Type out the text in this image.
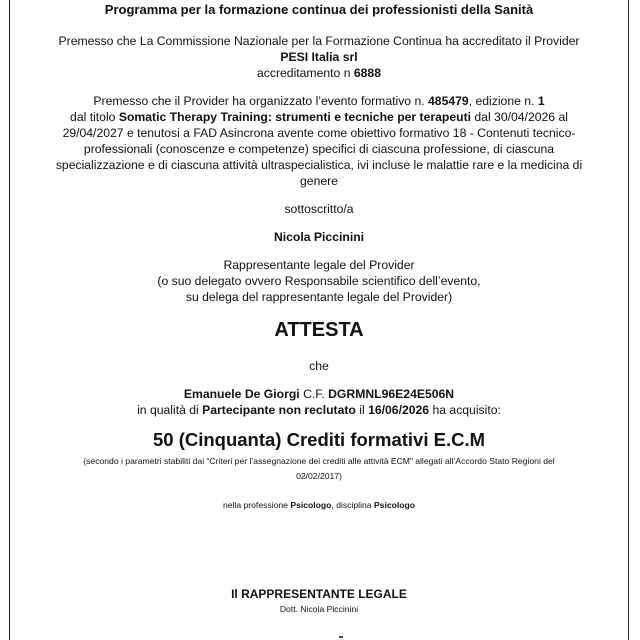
Programma per la formazione continua dei professionisti della Sanità
Premesso che La Commissione Nazionale per la Formazione Continua ha accreditato il Provider
PESI Italia srl
accreditamento n 6888
Premesso che il Provider ha organizzato l’evento formativo n. 485479, edizione n. 1
dal titolo Somatic Therapy Training: strumenti e tecniche per terapeuti dal 30/04/2026 al
29/04/2027 e tenutosi a FAD Asincrona avente come obiettivo formativo 18 - Contenuti tecnico-
professionali (conoscenze e competenze) specifici di ciascuna professione, di ciascuna
specializzazione e di ciascuna attività ultraspecialistica, ivi incluse le malattie rare e la medicina di
genere
sottoscritto/a
Nicola Piccinini
Rappresentante legale del Provider
(o suo delegato ovvero Responsabile scientifico dell’evento,
su delega del rappresentante legale del Provider)
ATTESTA
che
Emanuele De Giorgi C.F. DGRMNL96E24E506N
in qualità di Partecipante non reclutato il 16/06/2026 ha acquisito:
50 (Cinquanta) Crediti formativi E.C.M
(secondo i parametri stabiliti dai “Criteri per l’assegnazione dei crediti alle attività ECM” allegati all’Accordo Stato Regioni del
02/02/2017)
nella professione Psicologo, disciplina Psicologo
Il RAPPRESENTANTE LEGALE
Dott. Nicola Piccinini
